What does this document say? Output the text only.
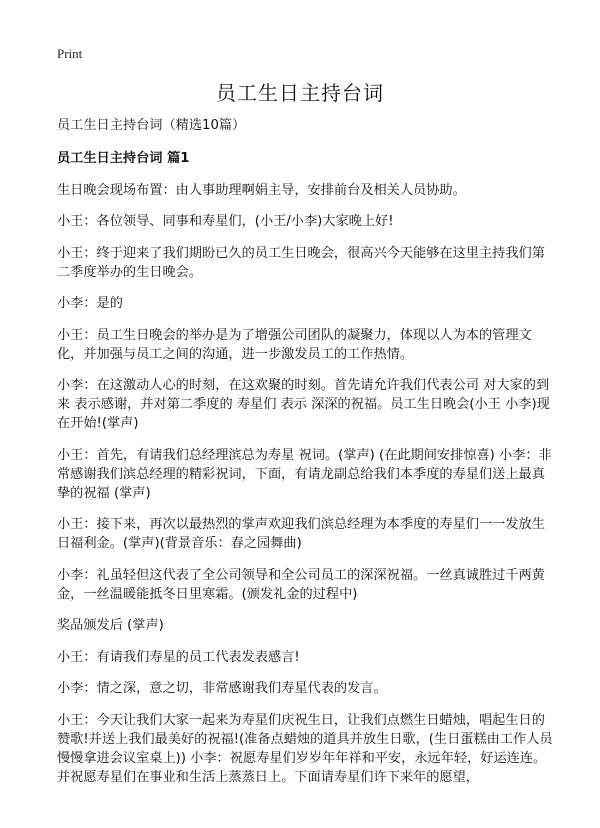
Print
员工生日主持台词

员工生日主持台词（精选10篇）

员工生日主持台词 篇1

生日晚会现场布置：由人事助理啊娟主导，安排前台及相关人员协助。

小王：各位领导、同事和寿星们，(小王/小李)大家晚上好!

小王：终于迎来了我们期盼已久的员工生日晚会，很高兴今天能够在这里主持我们第二季度举办的生日晚会。

小李：是的

小王：员工生日晚会的举办是为了增强公司团队的凝聚力，体现以人为本的管理文化，并加强与员工之间的沟通，进一步激发员工的工作热情。

小李：在这激动人心的时刻，在这欢聚的时刻。首先请允许我们代表公司 对大家的到来 表示感谢，并对第二季度的 寿星们 表示 深深的祝福。员工生日晚会(小王 小李)现在开始!(掌声)

小王：首先，有请我们总经理滨总为寿星 祝词。(掌声) (在此期间安排惊喜) 小李：非常感谢我们滨总经理的精彩祝词，下面，有请龙副总给我们本季度的寿星们送上最真挚的祝福 (掌声)

小王：接下来，再次以最热烈的掌声欢迎我们滨总经理为本季度的寿星们一一发放生日福利金。(掌声)(背景音乐：春之园舞曲)

小李：礼虽轻但这代表了全公司领导和全公司员工的深深祝福。一丝真诚胜过千两黄金，一丝温暖能抵冬日里寒霜。(颁发礼金的过程中)

奖品颁发后 (掌声)

小王：有请我们寿星的员工代表发表感言!

小李：情之深，意之切，非常感谢我们寿星代表的发言。

小王：今天让我们大家一起来为寿星们庆祝生日，让我们点燃生日蜡烛，唱起生日的赞歌!并送上我们最美好的祝福!(准备点蜡烛的道具并放生日歌，(生日蛋糕由工作人员慢慢拿进会议室桌上)) 小李：祝愿寿星们岁岁年年祥和平安，永远年轻，好运连连。并祝愿寿星们在事业和生活上蒸蒸日上。下面请寿星们许下来年的愿望，
